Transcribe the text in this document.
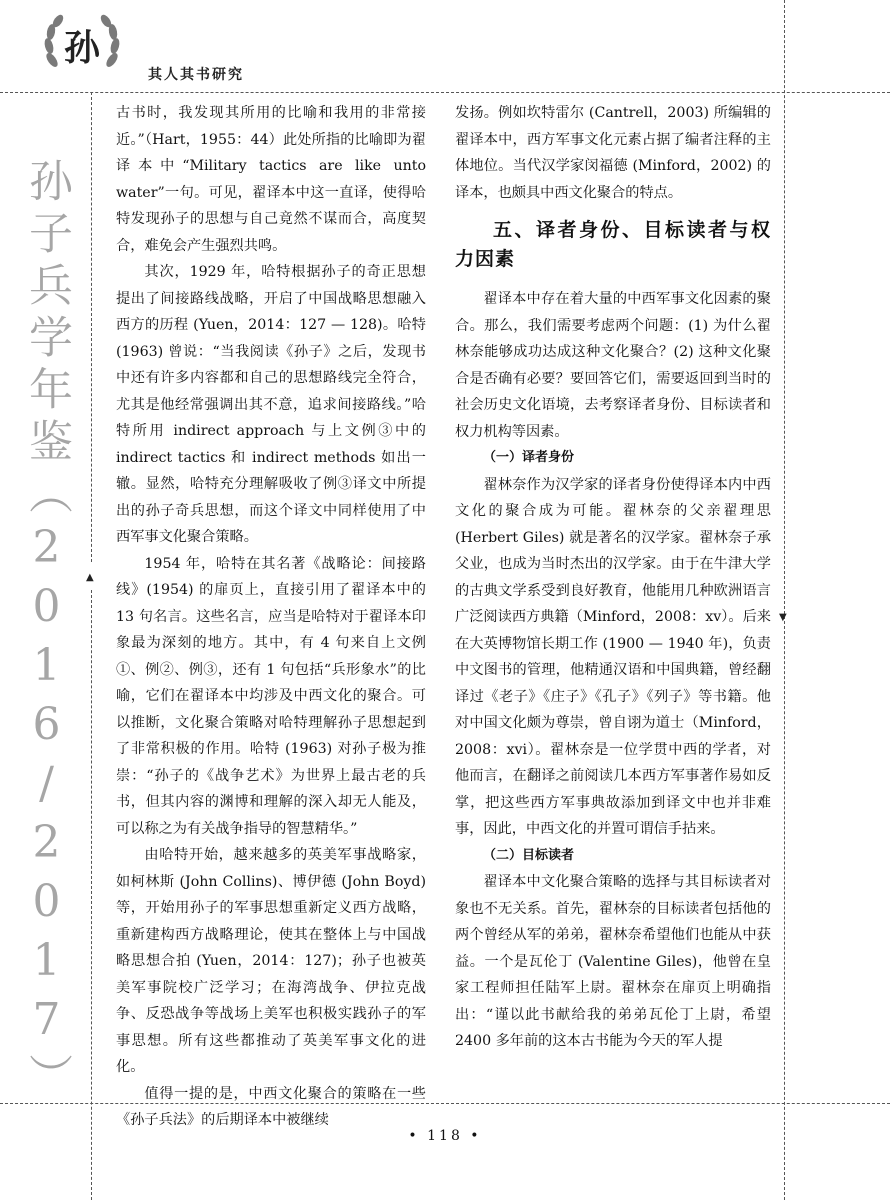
孙
其人其书研究
孙子兵学年鉴（2016/2017）	▲
▼

古书时，我发现其所用的比喻和我用的非常接近。”（Hart，1955：44）此处所指的比喻即为翟译本中“Military tactics are like unto water”一句。可见，翟译本中这一直译，使得哈特发现孙子的思想与自己竟然不谋而合，高度契合，难免会产生强烈共鸣。

其次，1929 年，哈特根据孙子的奇正思想提出了间接路线战略，开启了中国战略思想融入西方的历程 (Yuen，2014：127 — 128)。哈特 (1963) 曾说：“当我阅读《孙子》之后，发现书中还有许多内容都和自己的思想路线完全符合，尤其是他经常强调出其不意，追求间接路线。”哈特所用 indirect approach 与上文例③中的 indirect tactics 和 indirect methods 如出一辙。显然，哈特充分理解吸收了例③译文中所提出的孙子奇兵思想，而这个译文中同样使用了中西军事文化聚合策略。

1954 年，哈特在其名著《战略论：间接路线》(1954) 的扉页上，直接引用了翟译本中的 13 句名言。这些名言，应当是哈特对于翟译本印象最为深刻的地方。其中，有 4 句来自上文例①、例②、例③，还有 1 句包括“兵形象水”的比喻，它们在翟译本中均涉及中西文化的聚合。可以推断，文化聚合策略对哈特理解孙子思想起到了非常积极的作用。哈特 (1963) 对孙子极为推崇：“孙子的《战争艺术》为世界上最古老的兵书，但其内容的渊博和理解的深入却无人能及，可以称之为有关战争指导的智慧精华。”

由哈特开始，越来越多的英美军事战略家，如柯林斯 (John Collins)、博伊德 (John Boyd) 等，开始用孙子的军事思想重新定义西方战略，重新建构西方战略理论，使其在整体上与中国战略思想合拍 (Yuen，2014：127)；孙子也被英美军事院校广泛学习；在海湾战争、伊拉克战争、反恐战争等战场上美军也积极实践孙子的军事思想。所有这些都推动了英美军事文化的进化。

值得一提的是，中西文化聚合的策略在一些《孙子兵法》的后期译本中被继续

发扬。例如坎特雷尔 (Cantrell，2003) 所编辑的翟译本中，西方军事文化元素占据了编者注释的主体地位。当代汉学家闵福德 (Minford，2002) 的译本，也颇具中西文化聚合的特点。

五、译者身份、目标读者与权力因素

翟译本中存在着大量的中西军事文化因素的聚合。那么，我们需要考虑两个问题：(1) 为什么翟林奈能够成功达成这种文化聚合？(2) 这种文化聚合是否确有必要？要回答它们，需要返回到当时的社会历史文化语境，去考察译者身份、目标读者和权力机构等因素。

（一）译者身份

翟林奈作为汉学家的译者身份使得译本内中西文化的聚合成为可能。翟林奈的父亲翟理思 (Herbert Giles) 就是著名的汉学家。翟林奈子承父业，也成为当时杰出的汉学家。由于在牛津大学的古典文学系受到良好教育，他能用几种欧洲语言广泛阅读西方典籍（Minford，2008：xv）。后来在大英博物馆长期工作 (1900 — 1940 年)，负责中文图书的管理，他精通汉语和中国典籍，曾经翻译过《老子》《庄子》《孔子》《列子》等书籍。他对中国文化颇为尊崇，曾自诩为道士（Minford，2008：xvi）。翟林奈是一位学贯中西的学者，对他而言，在翻译之前阅读几本西方军事著作易如反掌，把这些西方军事典故添加到译文中也并非难事，因此，中西文化的并置可谓信手拈来。

（二）目标读者

翟译本中文化聚合策略的选择与其目标读者对象也不无关系。首先，翟林奈的目标读者包括他的两个曾经从军的弟弟，翟林奈希望他们也能从中获益。一个是瓦伦丁 (Valentine Giles)，他曾在皇家工程师担任陆军上尉。翟林奈在扉页上明确指出：“谨以此书献给我的弟弟瓦伦丁上尉，希望 2400 多年前的这本古书能为今天的军人提

• 118 •
